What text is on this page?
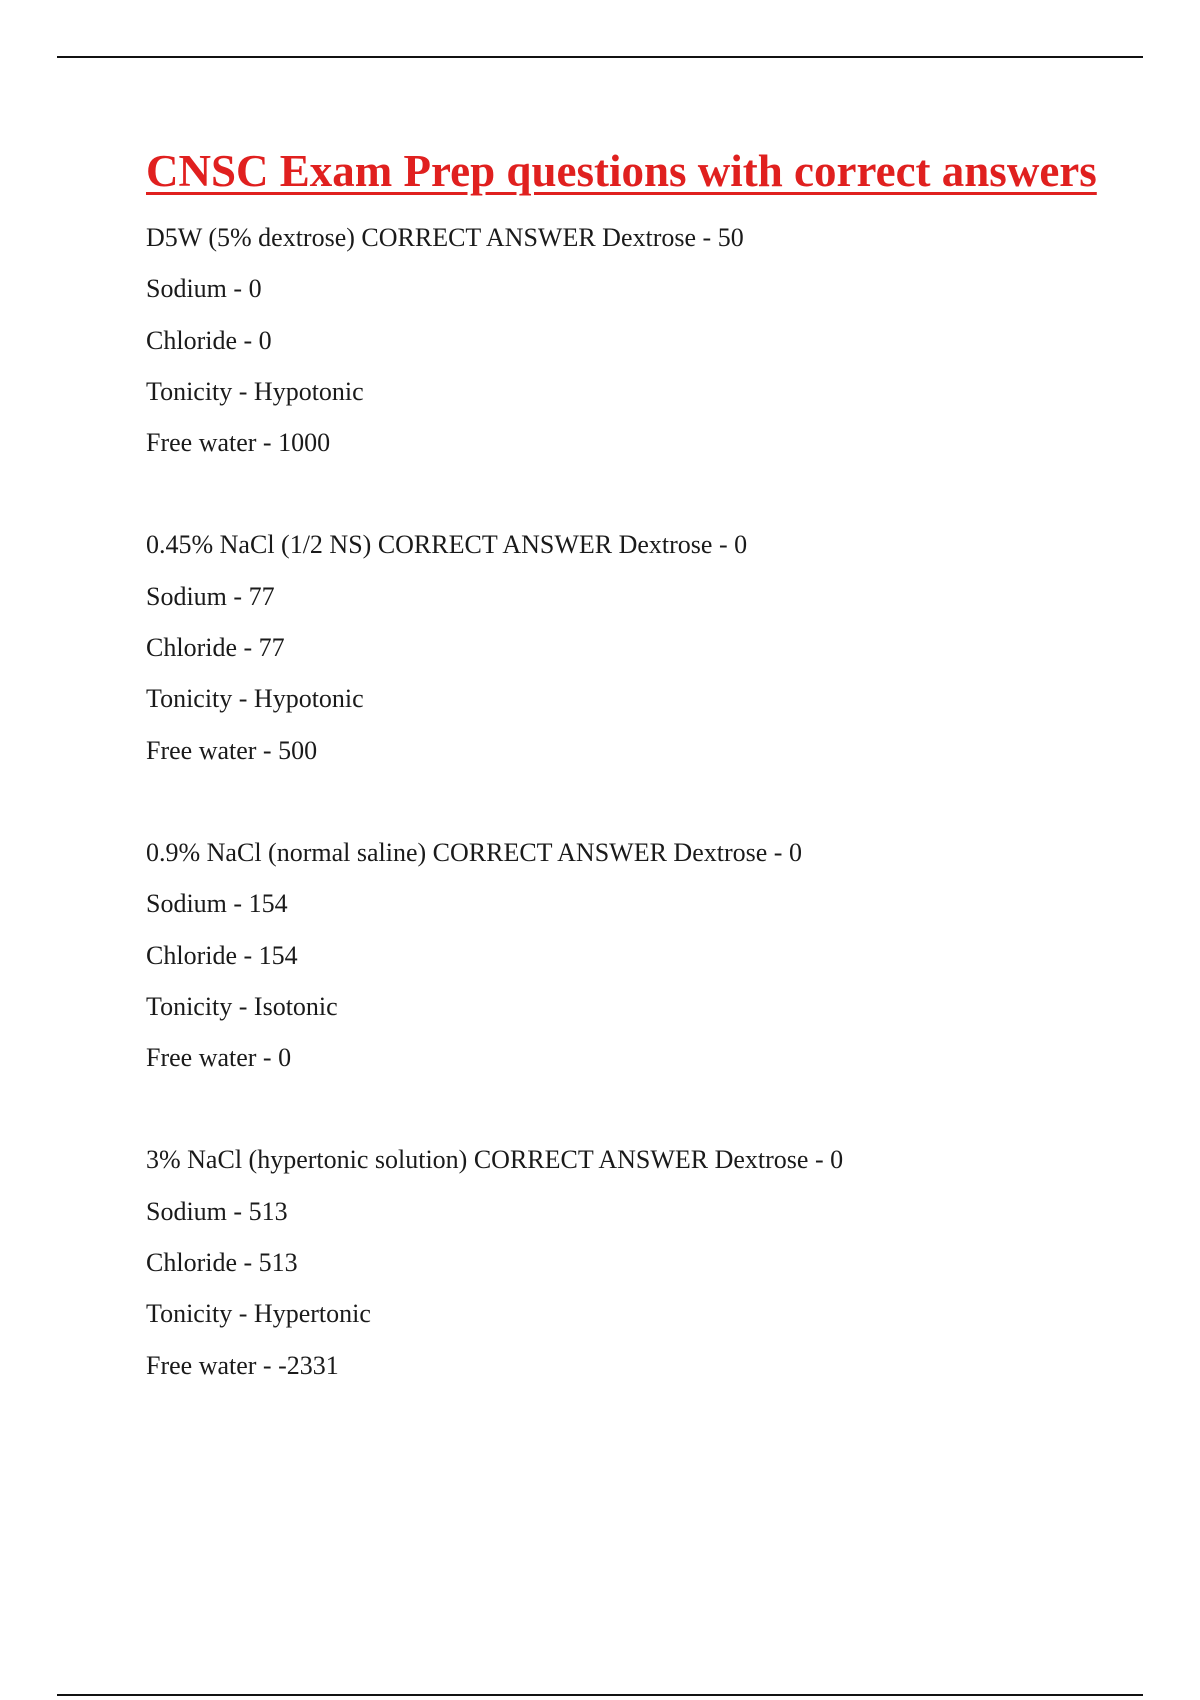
CNSC Exam Prep questions with correct answers
D5W (5% dextrose) CORRECT ANSWER Dextrose - 50
Sodium - 0
Chloride - 0
Tonicity - Hypotonic
Free water - 1000
0.45% NaCl (1/2 NS) CORRECT ANSWER Dextrose - 0
Sodium - 77
Chloride - 77
Tonicity - Hypotonic
Free water - 500
0.9% NaCl (normal saline) CORRECT ANSWER Dextrose - 0
Sodium - 154
Chloride - 154
Tonicity - Isotonic
Free water - 0
3% NaCl (hypertonic solution) CORRECT ANSWER Dextrose - 0
Sodium - 513
Chloride - 513
Tonicity - Hypertonic
Free water - -2331
